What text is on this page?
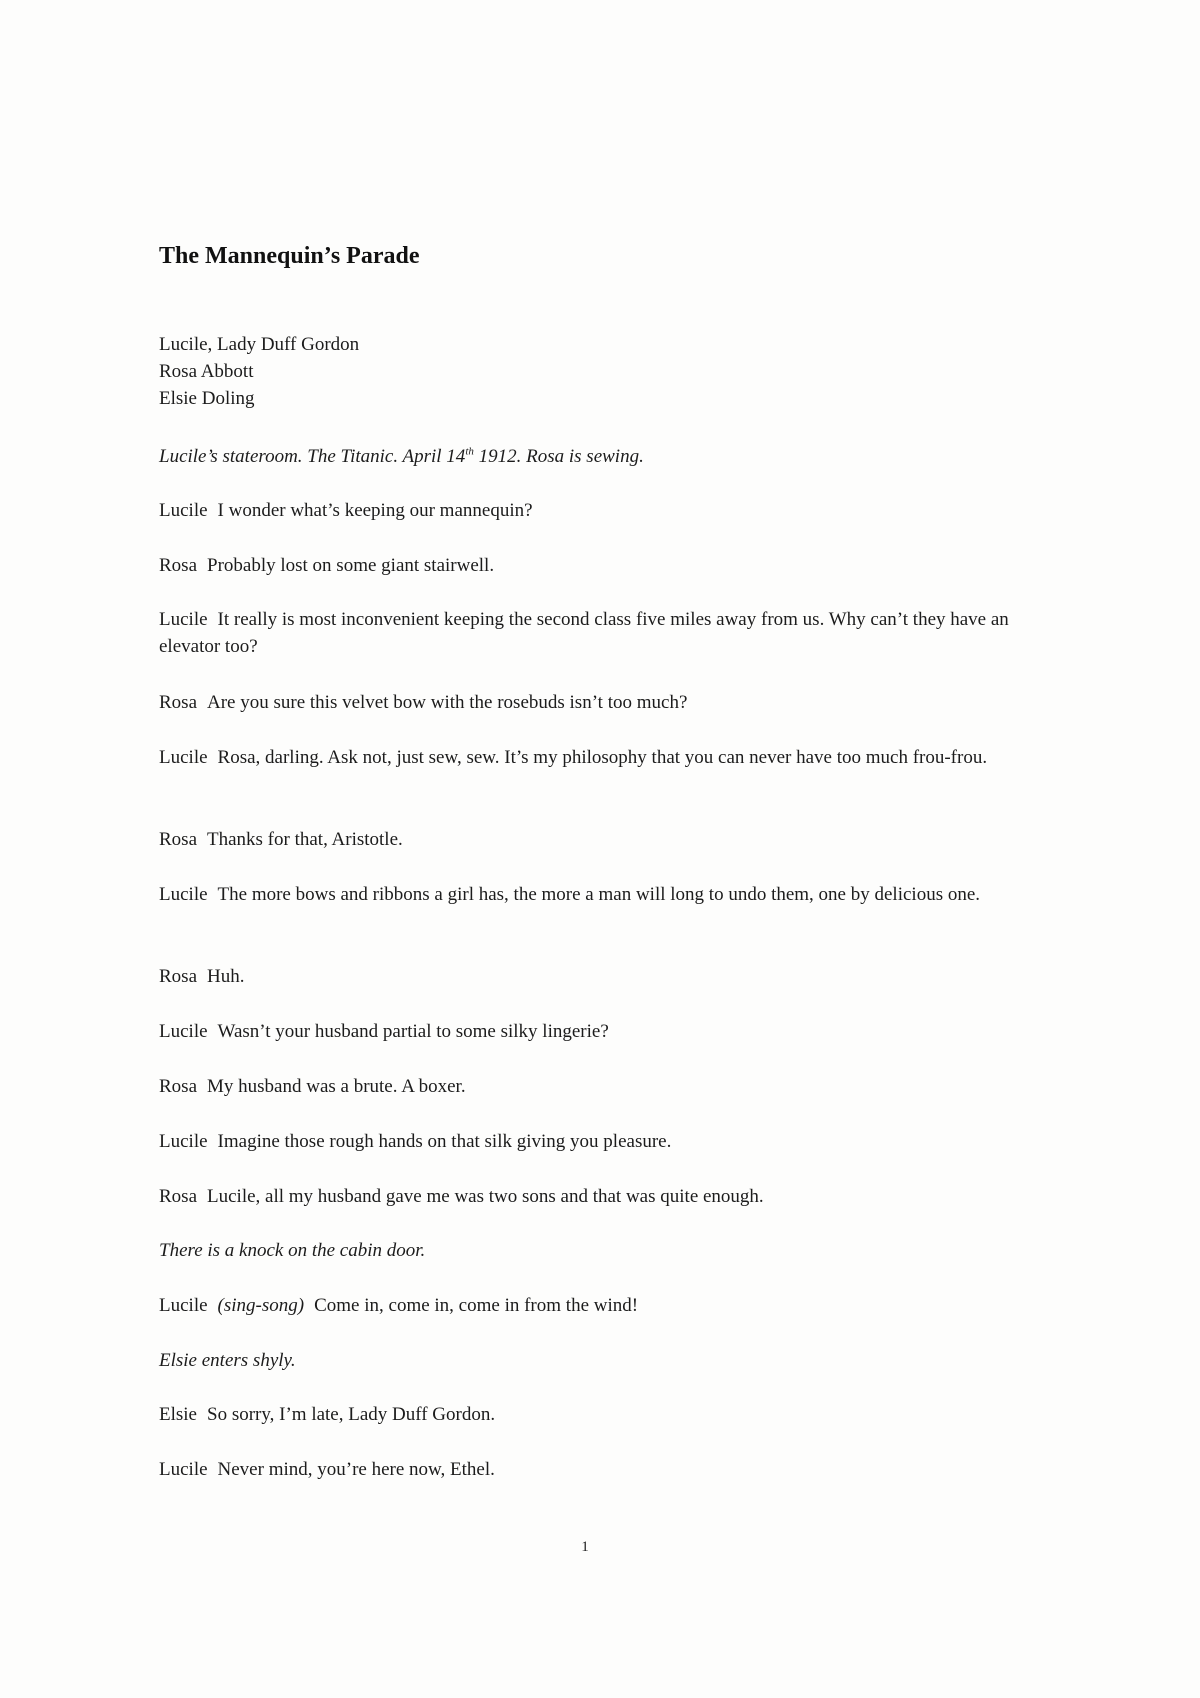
The Mannequin’s Parade
Lucile, Lady Duff Gordon
Rosa Abbott
Elsie Doling

Lucile’s stateroom. The Titanic. April 14th 1912. Rosa is sewing.

Lucile I wonder what’s keeping our mannequin?

Rosa Probably lost on some giant stairwell.

Lucile It really is most inconvenient keeping the second class five miles away from us. Why can’t they have an elevator too?

Rosa Are you sure this velvet bow with the rosebuds isn’t too much?

Lucile Rosa, darling. Ask not, just sew, sew. It’s my philosophy that you can never have too much frou-frou.

Rosa Thanks for that, Aristotle.

Lucile The more bows and ribbons a girl has, the more a man will long to undo them, one by delicious one.

Rosa Huh.

Lucile Wasn’t your husband partial to some silky lingerie?

Rosa My husband was a brute. A boxer.

Lucile Imagine those rough hands on that silk giving you pleasure.

Rosa Lucile, all my husband gave me was two sons and that was quite enough.

There is a knock on the cabin door.

Lucile (sing-song) Come in, come in, come in from the wind!

Elsie enters shyly.

Elsie So sorry, I’m late, Lady Duff Gordon.

Lucile Never mind, you’re here now, Ethel.

1
